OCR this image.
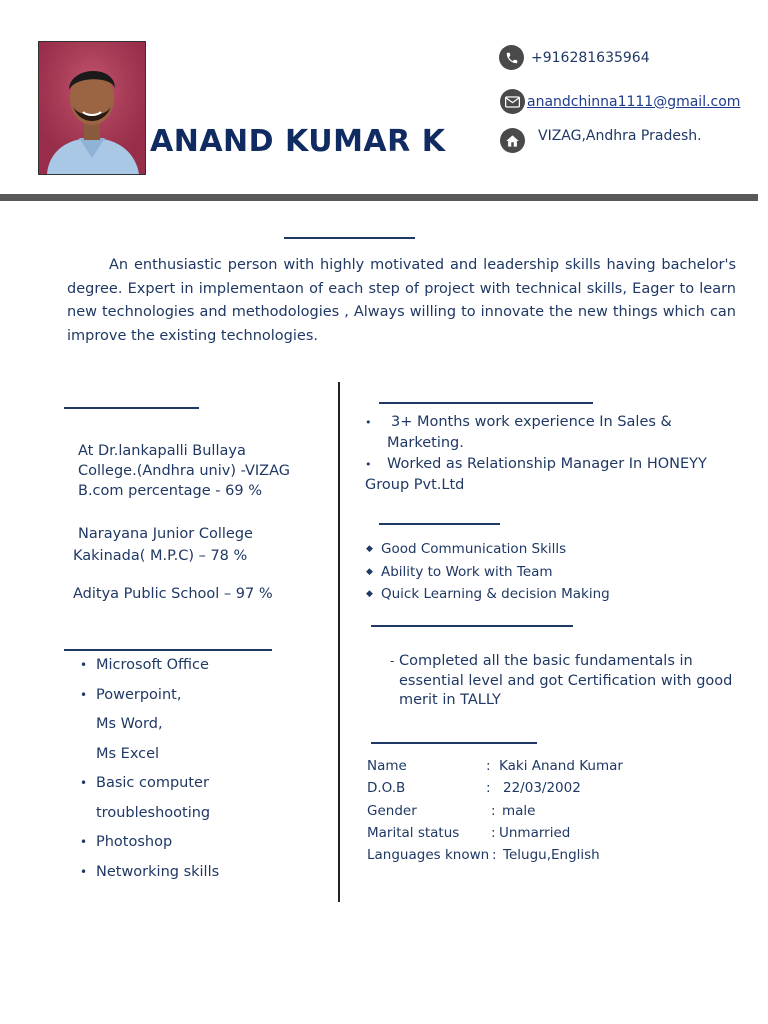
ANAND KUMAR K
+916281635964
anandchinna1111@gmail.com
VIZAG,Andhra Pradesh.
An enthusiastic person with highly motivated and leadership skills having bachelor's degree. Expert in implementaon of each step of project with technical skills, Eager to learn new technologies and methodologies , Always willing to innovate the new things which can improve the existing technologies.
At Dr.lankapalli Bullaya
College.(Andhra univ) -VIZAG
B.com percentage - 69 %
Narayana Junior College
Kakinada( M.P.C) – 78 %
Aditya Public School – 97 %
• Microsoft Office
• Powerpoint,
Ms Word,
Ms Excel
• Basic computer
troubleshooting
• Photoshop
• Networking skills
•	3+ Months work experience In Sales &
Marketing.
• Worked as Relationship Manager In HONEYY
Group Pvt.Ltd
◆ Good Communication Skills
◆ Ability to Work with Team
◆ Quick Learning & decision Making
- Completed all the basic fundamentals in
essential level and got Certification with good
merit in TALLY
Name	: Kaki Anand Kumar
D.O.B	: 22/03/2002
Gender	: male
Marital status : Unmarried
Languages known : Telugu,English
